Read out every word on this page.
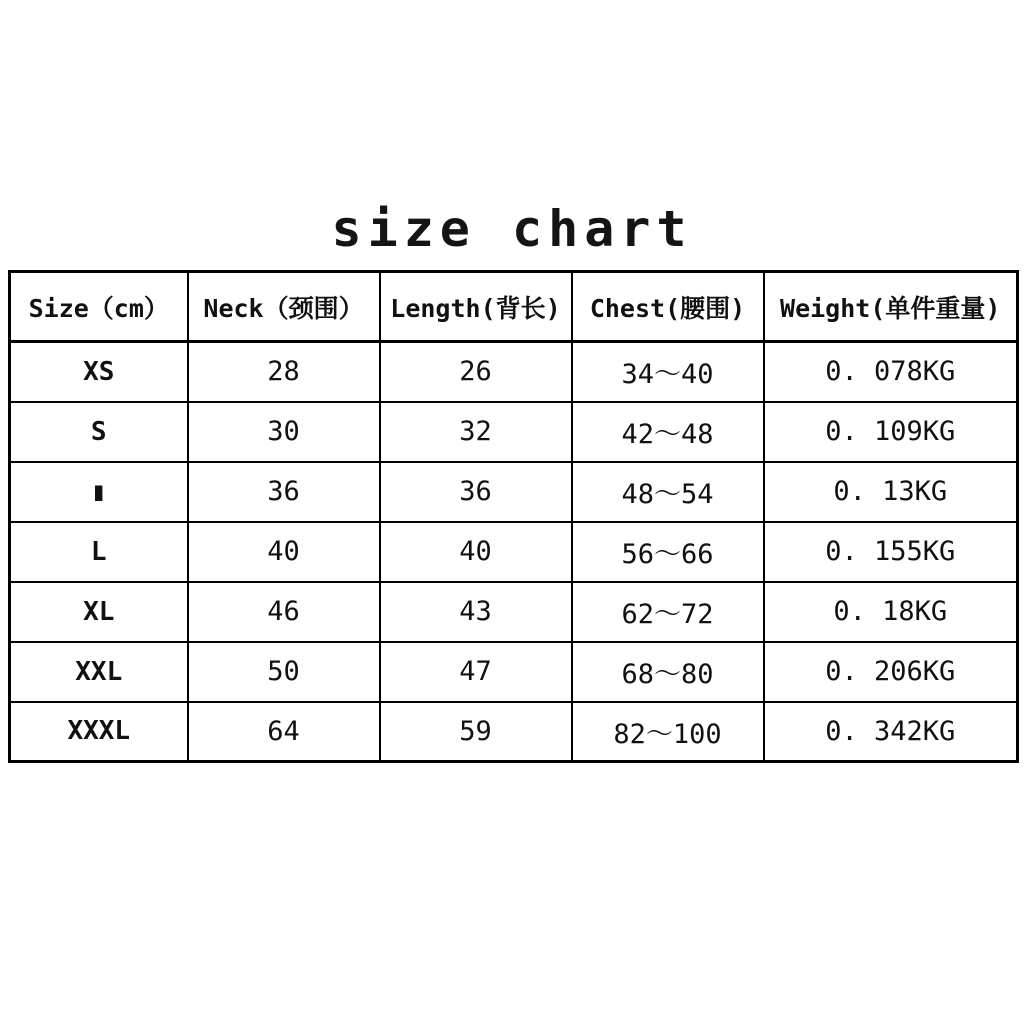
size chart
Size（cm）	Neck（颈围）	Length(背长)	Chest(腰围)	Weight(单件重量)
XS	28	26	34～40	0. 078KG
S	30	32	42～48	0. 109KG
▮	36	36	48～54	0. 13KG
L	40	40	56～66	0. 155KG
XL	46	43	62～72	0. 18KG
XXL	50	47	68～80	0. 206KG
XXXL	64	59	82～100	0. 342KG
